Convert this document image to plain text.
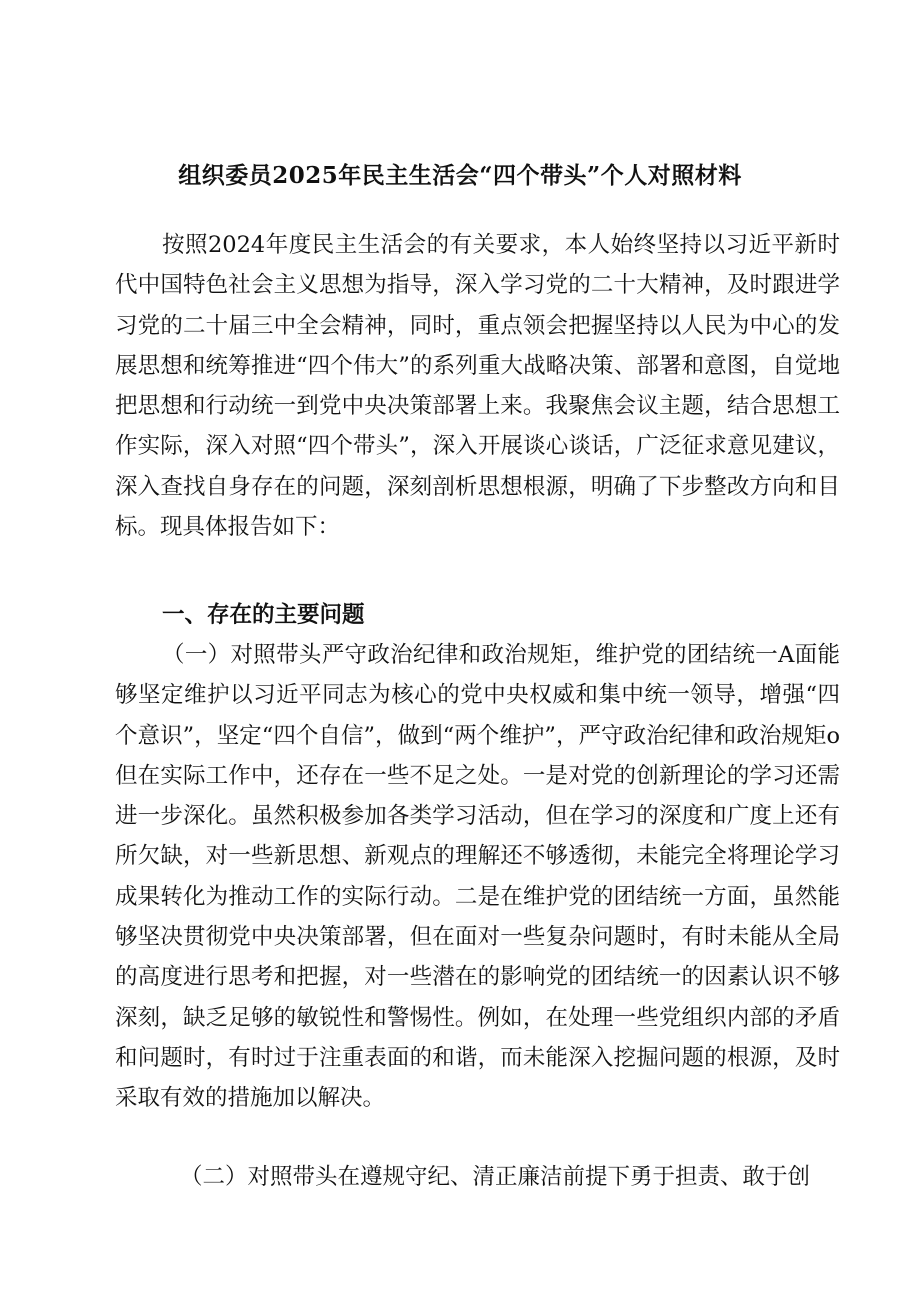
组织委员2025年民主生活会“四个带头”个人对照材料

按照2024年度民主生活会的有关要求，本人始终坚持以习近平新时代中国特色社会主义思想为指导，深入学习党的二十大精神，及时跟进学习党的二十届三中全会精神，同时，重点领会把握坚持以人民为中心的发展思想和统筹推进“四个伟大”的系列重大战略决策、部署和意图，自觉地把思想和行动统一到党中央决策部署上来。我聚焦会议主题，结合思想工作实际，深入对照“四个带头”，深入开展谈心谈话，广泛征求意见建议，深入查找自身存在的问题，深刻剖析思想根源，明确了下步整改方向和目标。现具体报告如下：

一、存在的主要问题

（一）对照带头严守政治纪律和政治规矩，维护党的团结统一A面能够坚定维护以习近平同志为核心的党中央权威和集中统一领导，增强“四个意识”，坚定“四个自信”，做到“两个维护”，严守政治纪律和政治规矩o但在实际工作中，还存在一些不足之处。一是对党的创新理论的学习还需进一步深化。虽然积极参加各类学习活动，但在学习的深度和广度上还有所欠缺，对一些新思想、新观点的理解还不够透彻，未能完全将理论学习成果转化为推动工作的实际行动。二是在维护党的团结统一方面，虽然能够坚决贯彻党中央决策部署，但在面对一些复杂问题时，有时未能从全局的高度进行思考和把握，对一些潜在的影响党的团结统一的因素认识不够深刻，缺乏足够的敏锐性和警惕性。例如，在处理一些党组织内部的矛盾和问题时，有时过于注重表面的和谐，而未能深入挖掘问题的根源，及时采取有效的措施加以解决。

（二）对照带头在遵规守纪、清正廉洁前提下勇于担责、敢于创
